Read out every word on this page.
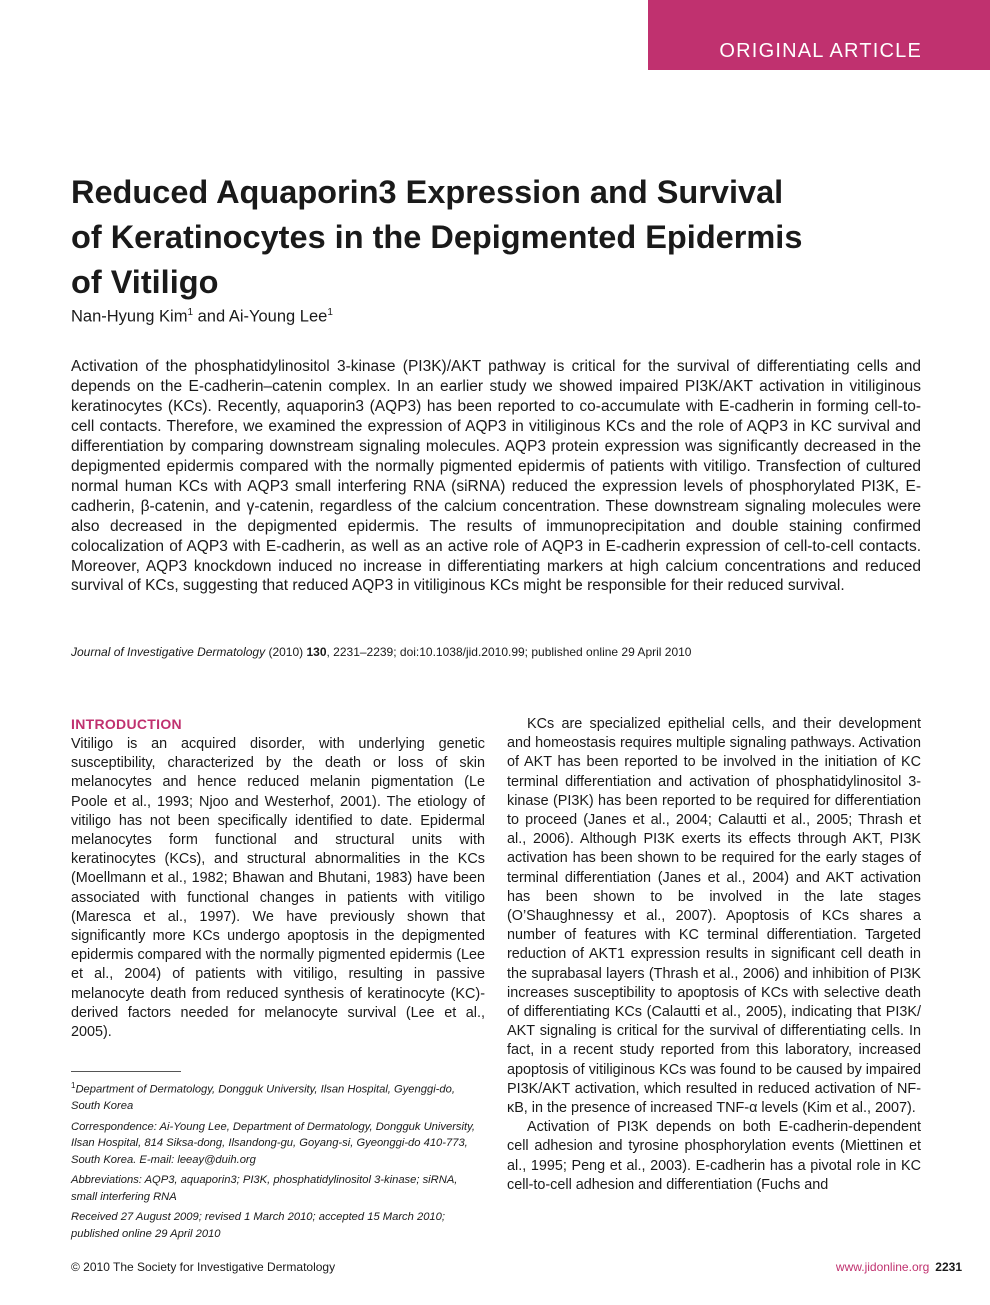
ORIGINAL ARTICLE
Reduced Aquaporin3 Expression and Survival
of Keratinocytes in the Depigmented Epidermis
of Vitiligo
Nan-Hyung Kim$^1$ and Ai-Young Lee$^1$

Activation of the phosphatidylinositol 3-kinase (PI3K)/AKT pathway is critical for the survival of differentiating cells and depends on the E-cadherin–catenin complex. In an earlier study we showed impaired PI3K/AKT activation in vitiliginous keratinocytes (KCs). Recently, aquaporin3 (AQP3) has been reported to co-accumulate with E-cadherin in forming cell-to-cell contacts. Therefore, we examined the expression of AQP3 in vitiliginous KCs and the role of AQP3 in KC survival and differentiation by comparing downstream signaling molecules. AQP3 protein expression was significantly decreased in the depigmented epidermis compared with the normally pigmented epidermis of patients with vitiligo. Transfection of cultured normal human KCs with AQP3 small interfering RNA (siRNA) reduced the expression levels of phosphorylated PI3K, E-cadherin, β-catenin, and γ-catenin, regardless of the calcium concentration. These downstream signaling molecules were also decreased in the depigmented epidermis. The results of immunoprecipitation and double staining confirmed colocalization of AQP3 with E-cadherin, as well as an active role of AQP3 in E-cadherin expression of cell-to-cell contacts. Moreover, AQP3 knockdown induced no increase in differentiating markers at high calcium concentrations and reduced survival of KCs, suggesting that reduced AQP3 in vitiliginous KCs might be responsible for their reduced survival.

Journal of Investigative Dermatology (2010) 130, 2231–2239; doi:10.1038/jid.2010.99; published online 29 April 2010
INTRODUCTION

Vitiligo is an acquired disorder, with underlying genetic susceptibility, characterized by the death or loss of skin melanocytes and hence reduced melanin pigmentation (Le Poole et al., 1993; Njoo and Westerhof, 2001). The etiology of vitiligo has not been specifically identified to date. Epidermal melanocytes form functional and structural units with keratinocytes (KCs), and structural abnormalities in the KCs (Moellmann et al., 1982; Bhawan and Bhutani, 1983) have been associated with functional changes in patients with vitiligo (Maresca et al., 1997). We have previously shown that significantly more KCs undergo apoptosis in the depigmented epidermis compared with the normally pigmented epidermis (Lee et al., 2004) of patients with vitiligo, resulting in passive melanocyte death from reduced synthesis of keratinocyte (KC)-derived factors needed for melanocyte survival (Lee et al., 2005).

$^1$Department of Dermatology, Dongguk University, Ilsan Hospital, Gyenggi-do, South Korea

Correspondence: Ai-Young Lee, Department of Dermatology, Dongguk University, Ilsan Hospital, 814 Siksa-dong, Ilsandong-gu, Goyang-si, Gyeonggi-do 410-773, South Korea. E-mail: leeay@duih.org

Abbreviations: AQP3, aquaporin3; PI3K, phosphatidylinositol 3-kinase; siRNA, small interfering RNA

Received 27 August 2009; revised 1 March 2010; accepted 15 March 2010; published online 29 April 2010

KCs are specialized epithelial cells, and their development and homeostasis requires multiple signaling pathways. Activation of AKT has been reported to be involved in the initiation of KC terminal differentiation and activation of phosphatidylinositol 3-kinase (PI3K) has been reported to be required for differentiation to proceed (Janes et al., 2004; Calautti et al., 2005; Thrash et al., 2006). Although PI3K exerts its effects through AKT, PI3K activation has been shown to be required for the early stages of terminal differentiation (Janes et al., 2004) and AKT activation has been shown to be involved in the late stages (O’Shaughnessy et al., 2007). Apoptosis of KCs shares a number of features with KC terminal differentiation. Targeted reduction of AKT1 expression results in significant cell death in the suprabasal layers (Thrash et al., 2006) and inhibition of PI3K increases susceptibility to apoptosis of KCs with selective death of differentiating KCs (Calautti et al., 2005), indicating that PI3K/ AKT signaling is critical for the survival of differentiating cells. In fact, in a recent study reported from this laboratory, increased apoptosis of vitiliginous KCs was found to be caused by impaired PI3K/AKT activation, which resulted in reduced activation of NF-κB, in the presence of increased TNF-α levels (Kim et al., 2007).

Activation of PI3K depends on both E-cadherin-dependent cell adhesion and tyrosine phosphorylation events (Miettinen et al., 1995; Peng et al., 2003). E-cadherin has a pivotal role in KC cell-to-cell adhesion and differentiation (Fuchs and

© 2010 The Society for Investigative Dermatology	www.jidonline.org 2231
